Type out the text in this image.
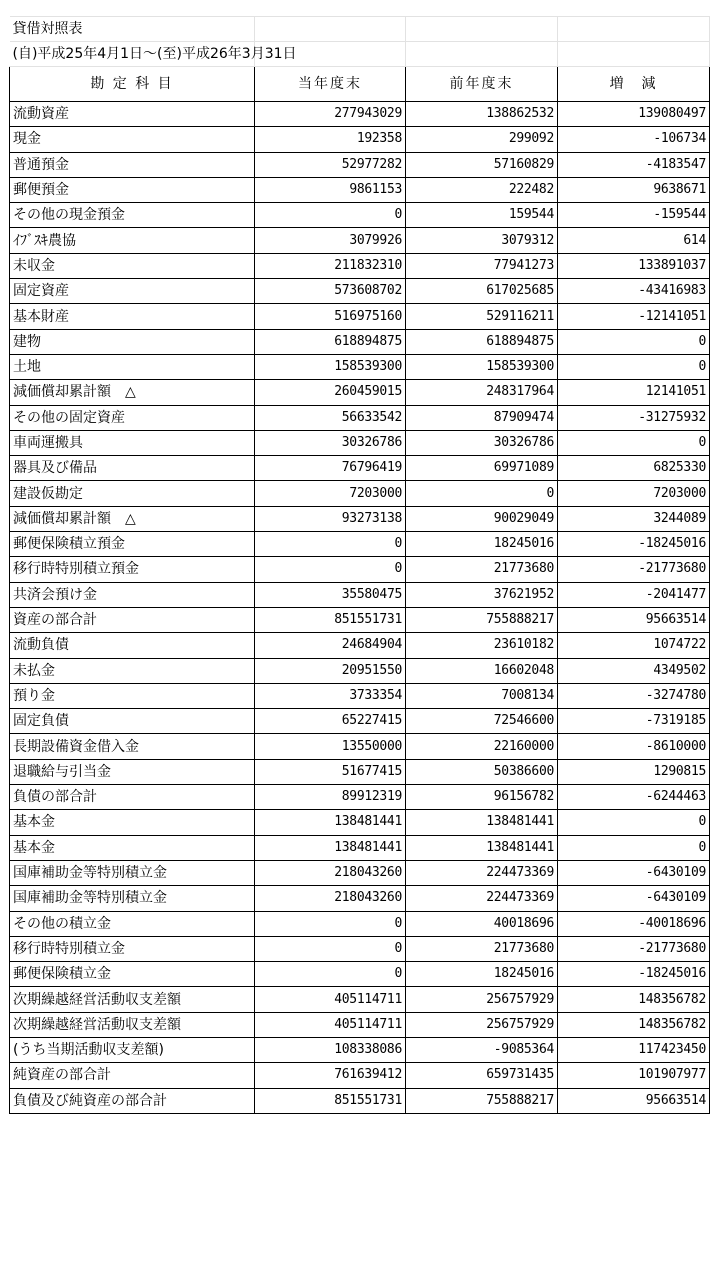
貸借対照表			
(自)平成25年4月1日～(至)平成26年3月31日			
勘 定 科 目	当年度末	前年度末	増　減
流動資産	277943029	138862532	139080497
現金	192358	299092	-106734
普通預金	52977282	57160829	-4183547
郵便預金	9861153	222482	9638671
その他の現金預金	0	159544	-159544
ｲﾌﾞｽｷ農協	3079926	3079312	614
未収金	211832310	77941273	133891037
固定資産	573608702	617025685	-43416983
基本財産	516975160	529116211	-12141051
建物	618894875	618894875	0
土地	158539300	158539300	0
減価償却累計額　△	260459015	248317964	12141051
その他の固定資産	56633542	87909474	-31275932
車両運搬具	30326786	30326786	0
器具及び備品	76796419	69971089	6825330
建設仮勘定	7203000	0	7203000
減価償却累計額　△	93273138	90029049	3244089
郵便保険積立預金	0	18245016	-18245016
移行時特別積立預金	0	21773680	-21773680
共済会預け金	35580475	37621952	-2041477
資産の部合計	851551731	755888217	95663514
流動負債	24684904	23610182	1074722
未払金	20951550	16602048	4349502
預り金	3733354	7008134	-3274780
固定負債	65227415	72546600	-7319185
長期設備資金借入金	13550000	22160000	-8610000
退職給与引当金	51677415	50386600	1290815
負債の部合計	89912319	96156782	-6244463
基本金	138481441	138481441	0
基本金	138481441	138481441	0
国庫補助金等特別積立金	218043260	224473369	-6430109
国庫補助金等特別積立金	218043260	224473369	-6430109
その他の積立金	0	40018696	-40018696
移行時特別積立金	0	21773680	-21773680
郵便保険積立金	0	18245016	-18245016
次期繰越経営活動収支差額	405114711	256757929	148356782
次期繰越経営活動収支差額	405114711	256757929	148356782
(うち当期活動収支差額)	108338086	-9085364	117423450
純資産の部合計	761639412	659731435	101907977
負債及び純資産の部合計	851551731	755888217	95663514
